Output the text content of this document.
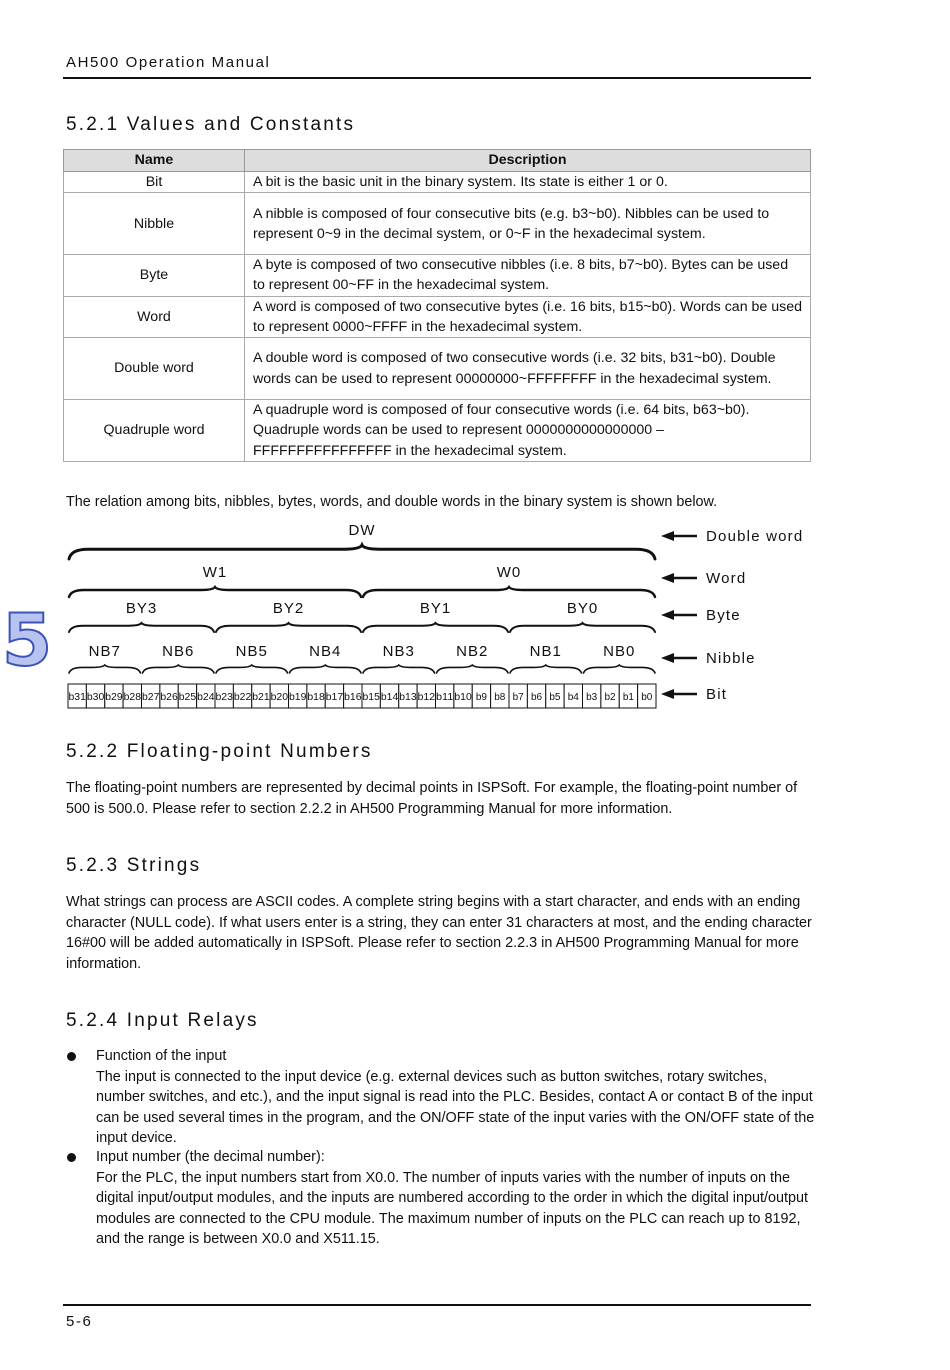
AH500 Operation Manual
5.2.1 Values and Constants
Name	Description
Bit	A bit is the basic unit in the binary system. Its state is either 1 or 0.
Nibble	A nibble is composed of four consecutive bits (e.g. b3~b0). Nibbles can be used to represent 0~9 in the decimal system, or 0~F in the hexadecimal system.
Byte	A byte is composed of two consecutive nibbles (i.e. 8 bits, b7~b0). Bytes can be used to represent 00~FF in the hexadecimal system.
Word	A word is composed of two consecutive bytes (i.e. 16 bits, b15~b0). Words can be used to represent 0000~FFFF in the hexadecimal system.
Double word	A double word is composed of two consecutive words (i.e. 32 bits, b31~b0). Double words can be used to represent 00000000~FFFFFFFF in the hexadecimal system.
Quadruple word	A quadruple word is composed of four consecutive words (i.e. 64 bits, b63~b0). Quadruple words can be used to represent 0000000000000000 – FFFFFFFFFFFFFFFF in the hexadecimal system.
The relation among bits, nibbles, bytes, words, and double words in the binary system is shown below.
DW
W1	W0
BY3	BY2	BY1	BY0
NB7	NB6	NB5	NB4	NB3	NB2	NB1	NB0
b31 b30 b29 b28 b27 b26 b25 b24 b23 b22 b21 b20 b19 b18 b17 b16 b15 b14 b13 b12 b11 b10 b9 b8 b7 b6 b5 b4 b3 b2 b1 b0
Double word
Word
Byte
Nibble
Bit
5
5.2.2 Floating-point Numbers
The floating-point numbers are represented by decimal points in ISPSoft. For example, the floating-point number of 500 is 500.0. Please refer to section 2.2.2 in AH500 Programming Manual for more information.
5.2.3 Strings
What strings can process are ASCII codes. A complete string begins with a start character, and ends with an ending character (NULL code). If what users enter is a string, they can enter 31 characters at most, and the ending character 16#00 will be added automatically in ISPSoft. Please refer to section 2.2.3 in AH500 Programming Manual for more information.
5.2.4 Input Relays
Function of the input
The input is connected to the input device (e.g. external devices such as button switches, rotary switches, number switches, and etc.), and the input signal is read into the PLC. Besides, contact A or contact B of the input can be used several times in the program, and the ON/OFF state of the input varies with the ON/OFF state of the input device.
Input number (the decimal number):
For the PLC, the input numbers start from X0.0. The number of inputs varies with the number of inputs on the digital input/output modules, and the inputs are numbered according to the order in which the digital input/output modules are connected to the CPU module. The maximum number of inputs on the PLC can reach up to 8192, and the range is between X0.0 and X511.15.
5-6
